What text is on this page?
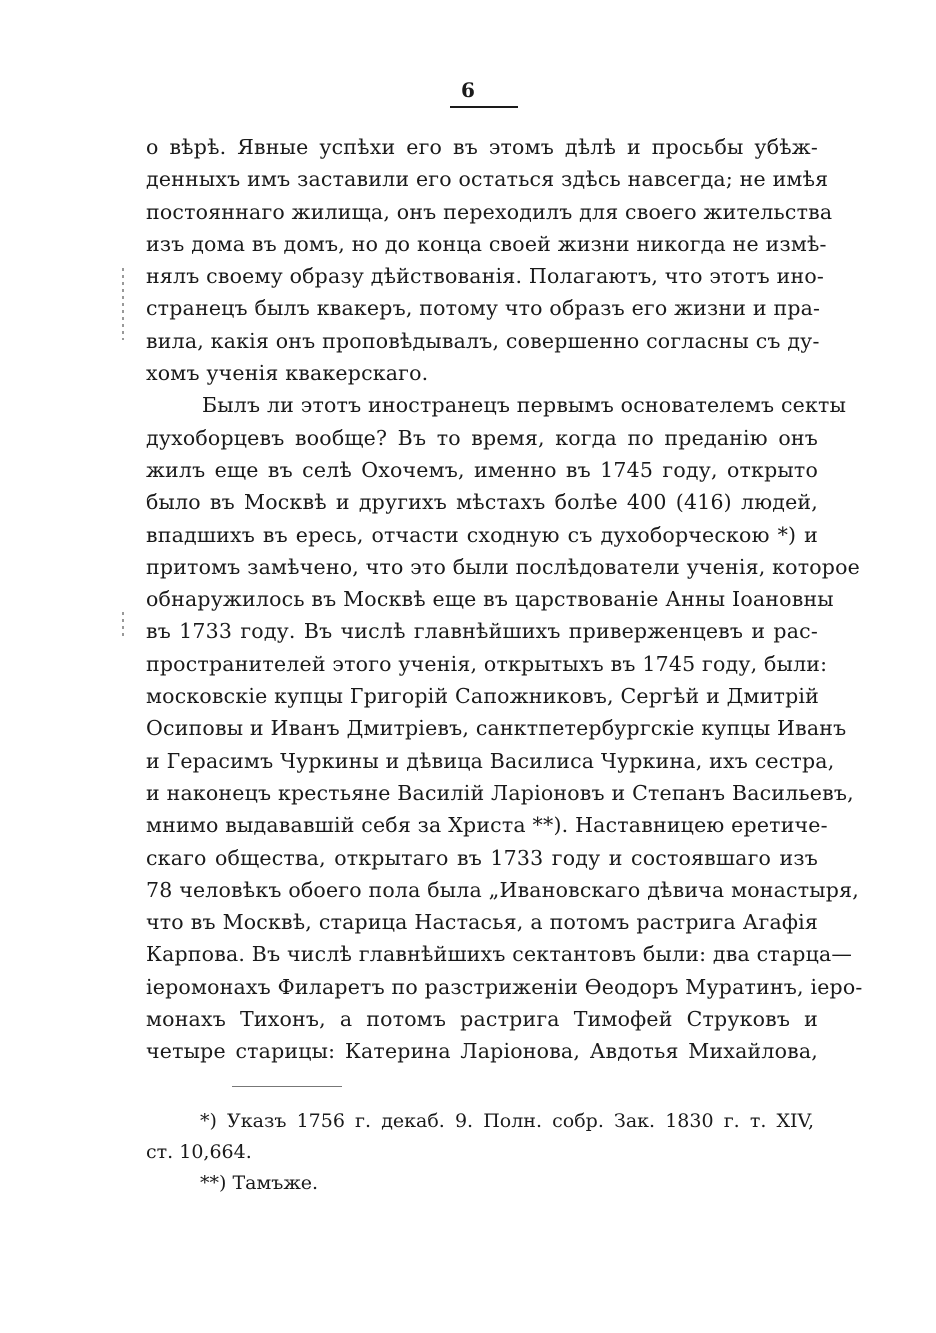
6
о вѣрѣ. Явные успѣхи его въ этомъ дѣлѣ и просьбы убѣж-
денныхъ имъ заставили его остаться здѣсь навсегда; не имѣя
постояннаго жилища, онъ переходилъ для своего жительства
изъ дома въ домъ, но до конца своей жизни никогда не измѣ-
нялъ своему образу дѣйствованія. Полагаютъ, что этотъ ино-
странецъ былъ квакеръ, потому что образъ его жизни и пра-
вила, какія онъ проповѣдывалъ, совершенно согласны съ ду-
хомъ ученія квакерскаго.
Былъ ли этотъ иностранецъ первымъ основателемъ секты
духоборцевъ вообще? Въ то время, когда по преданію онъ
жилъ еще въ селѣ Охочемъ, именно въ 1745 году, открыто
было въ Москвѣ и другихъ мѣстахъ болѣе 400 (416) людей,
впадшихъ въ ересь, отчасти сходную съ духоборческою *) и
притомъ замѣчено, что это были послѣдователи ученія, которое
обнаружилось въ Москвѣ еще въ царствованіе Анны Іоановны
въ 1733 году. Въ числѣ главнѣйшихъ приверженцевъ и рас-
пространителей этого ученія, открытыхъ въ 1745 году, были:
московскіе купцы Григорій Сапожниковъ, Сергѣй и Дмитрій
Осиповы и Иванъ Дмитріевъ, санктпетербургскіе купцы Иванъ
и Герасимъ Чуркины и дѣвица Василиса Чуркина, ихъ сестра,
и наконецъ крестьяне Василій Ларіоновъ и Степанъ Васильевъ,
мнимо выдававшій себя за Христа **). Наставницею еретиче-
скаго общества, открытаго въ 1733 году и состоявшаго изъ
78 человѣкъ обоего пола была „Ивановскаго дѣвича монастыря,
что въ Москвѣ, старица Настасья, а потомъ растрига Агафія
Карпова. Въ числѣ главнѣйшихъ сектантовъ были: два старца—
іеромонахъ Филаретъ по разстриженіи Ѳеодоръ Муратинъ, іеро-
монахъ Тихонъ, а потомъ растрига Тимофей Струковъ и
четыре старицы: Катерина Ларіонова, Авдотья Михайлова,
*) Указъ 1756 г. декаб. 9. Полн. собр. Зак. 1830 г. т. XIV,
ст. 10,664.
**) Тамъже.
